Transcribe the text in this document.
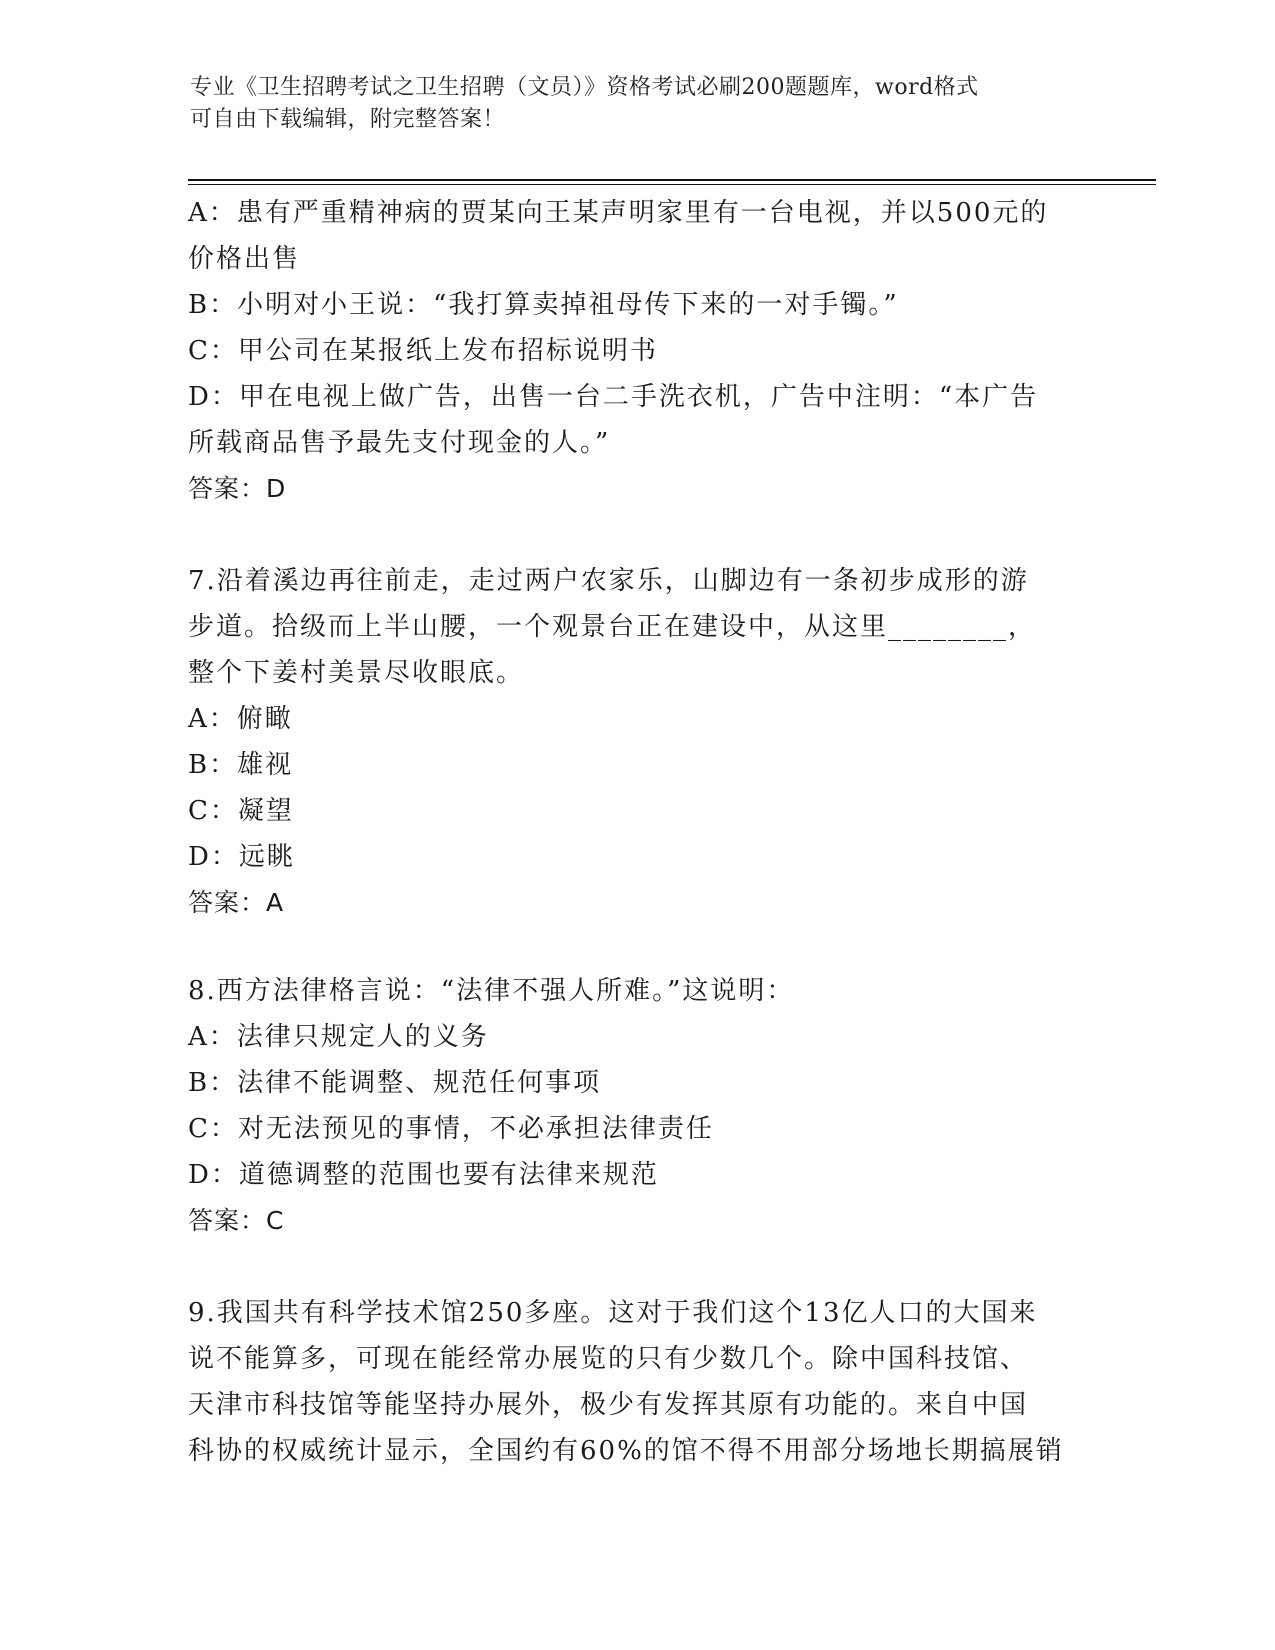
专业《卫生招聘考试之卫生招聘（文员）》资格考试必刷200题题库，word格式
可自由下载编辑，附完整答案！
A：患有严重精神病的贾某向王某声明家里有一台电视，并以500元的
价格出售
B：小明对小王说：“我打算卖掉祖母传下来的一对手镯。”
C：甲公司在某报纸上发布招标说明书
D：甲在电视上做广告，出售一台二手洗衣机，广告中注明：“本广告
所载商品售予最先支付现金的人。”
答案：D
7.沿着溪边再往前走，走过两户农家乐，山脚边有一条初步成形的游
步道。拾级而上半山腰，一个观景台正在建设中，从这里________，
整个下姜村美景尽收眼底。
A：俯瞰
B：雄视
C：凝望
D：远眺
答案：A
8.西方法律格言说：“法律不强人所难。”这说明：
A：法律只规定人的义务
B：法律不能调整、规范任何事项
C：对无法预见的事情，不必承担法律责任
D：道德调整的范围也要有法律来规范
答案：C
9.我国共有科学技术馆250多座。这对于我们这个13亿人口的大国来
说不能算多，可现在能经常办展览的只有少数几个。除中国科技馆、
天津市科技馆等能坚持办展外，极少有发挥其原有功能的。来自中国
科协的权威统计显示，全国约有60%的馆不得不用部分场地长期搞展销
